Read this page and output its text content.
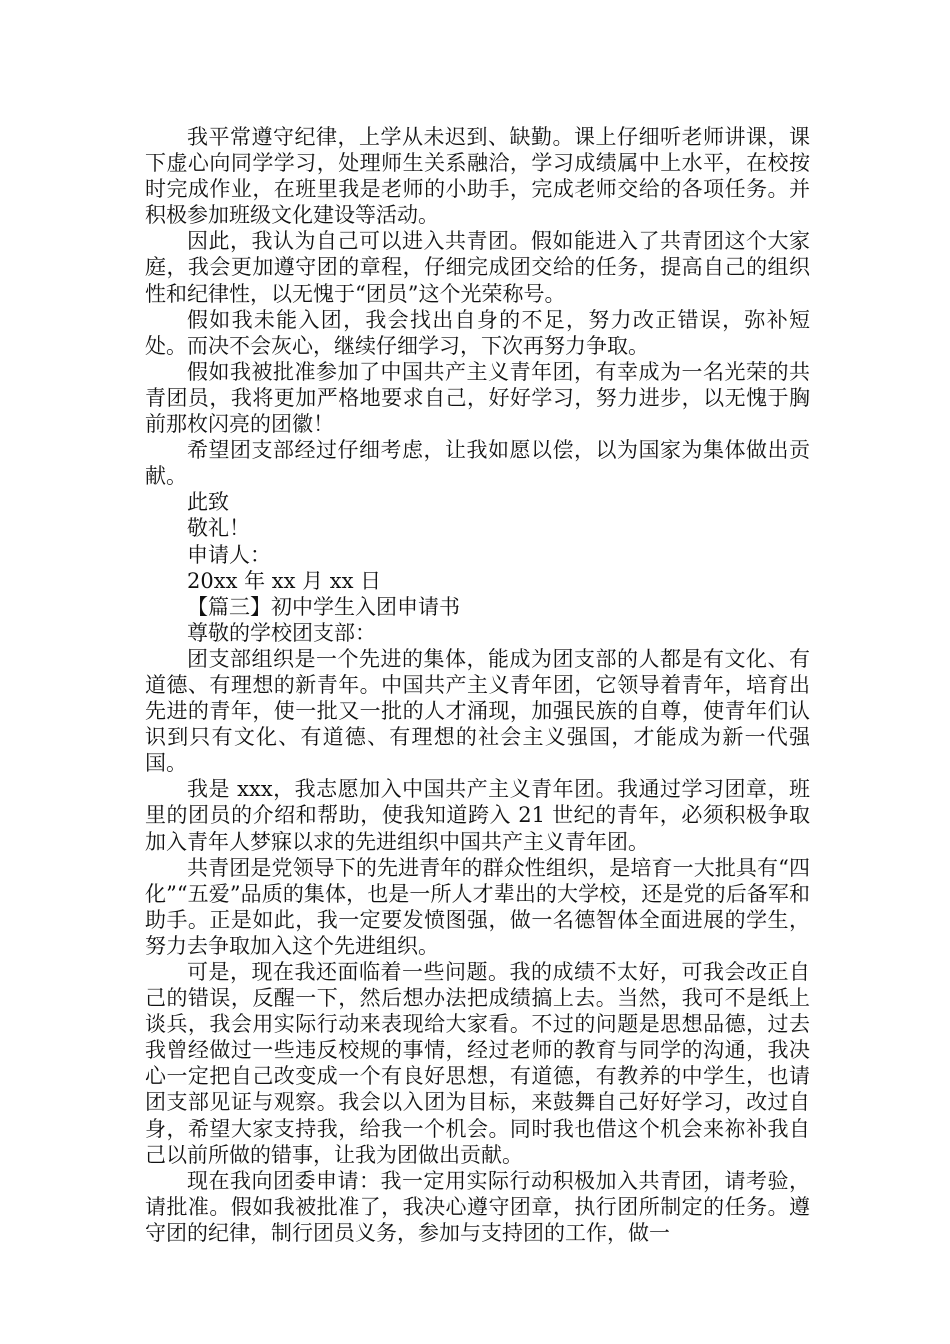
我平常遵守纪律，上学从未迟到、缺勤。课上仔细听老师讲课，课下虚心向同学学习，处理师生关系融洽，学习成绩属中上水平，在校按时完成作业，在班里我是老师的小助手，完成老师交给的各项任务。并积极参加班级文化建设等活动。

因此，我认为自己可以进入共青团。假如能进入了共青团这个大家庭，我会更加遵守团的章程，仔细完成团交给的任务，提高自己的组织性和纪律性，以无愧于“团员”这个光荣称号。

假如我未能入团，我会找出自身的不足，努力改正错误，弥补短处。而决不会灰心，继续仔细学习，下次再努力争取。

假如我被批准参加了中国共产主义青年团，有幸成为一名光荣的共青团员，我将更加严格地要求自己，好好学习，努力进步，以无愧于胸前那枚闪亮的团徽！

希望团支部经过仔细考虑，让我如愿以偿，以为国家为集体做出贡献。

此致

敬礼！

申请人：

20xx 年 xx 月 xx 日

【篇三】初中学生入团申请书

尊敬的学校团支部：

团支部组织是一个先进的集体，能成为团支部的人都是有文化、有道德、有理想的新青年。中国共产主义青年团，它领导着青年，培育出先进的青年，使一批又一批的人才涌现，加强民族的自尊，使青年们认识到只有文化、有道德、有理想的社会主义强国，才能成为新一代强国。

我是 xxx，我志愿加入中国共产主义青年团。我通过学习团章，班里的团员的介绍和帮助，使我知道跨入 21 世纪的青年，必须积极争取加入青年人梦寐以求的先进组织中国共产主义青年团。

共青团是党领导下的先进青年的群众性组织，是培育一大批具有“四化”“五爱”品质的集体，也是一所人才辈出的大学校，还是党的后备军和助手。正是如此，我一定要发愤图强，做一名德智体全面进展的学生，努力去争取加入这个先进组织。

可是，现在我还面临着一些问题。我的成绩不太好，可我会改正自己的错误，反醒一下，然后想办法把成绩搞上去。当然，我可不是纸上谈兵，我会用实际行动来表现给大家看。不过的问题是思想品德，过去我曾经做过一些违反校规的事情，经过老师的教育与同学的沟通，我决心一定把自己改变成一个有良好思想，有道德，有教养的中学生，也请团支部见证与观察。我会以入团为目标，来鼓舞自己好好学习，改过自身，希望大家支持我，给我一个机会。同时我也借这个机会来祢补我自己以前所做的错事，让我为团做出贡献。

现在我向团委申请：我一定用实际行动积极加入共青团，请考验，请批准。假如我被批准了，我决心遵守团章，执行团所制定的任务。遵守团的纪律，制行团员义务，参加与支持团的工作，做一
